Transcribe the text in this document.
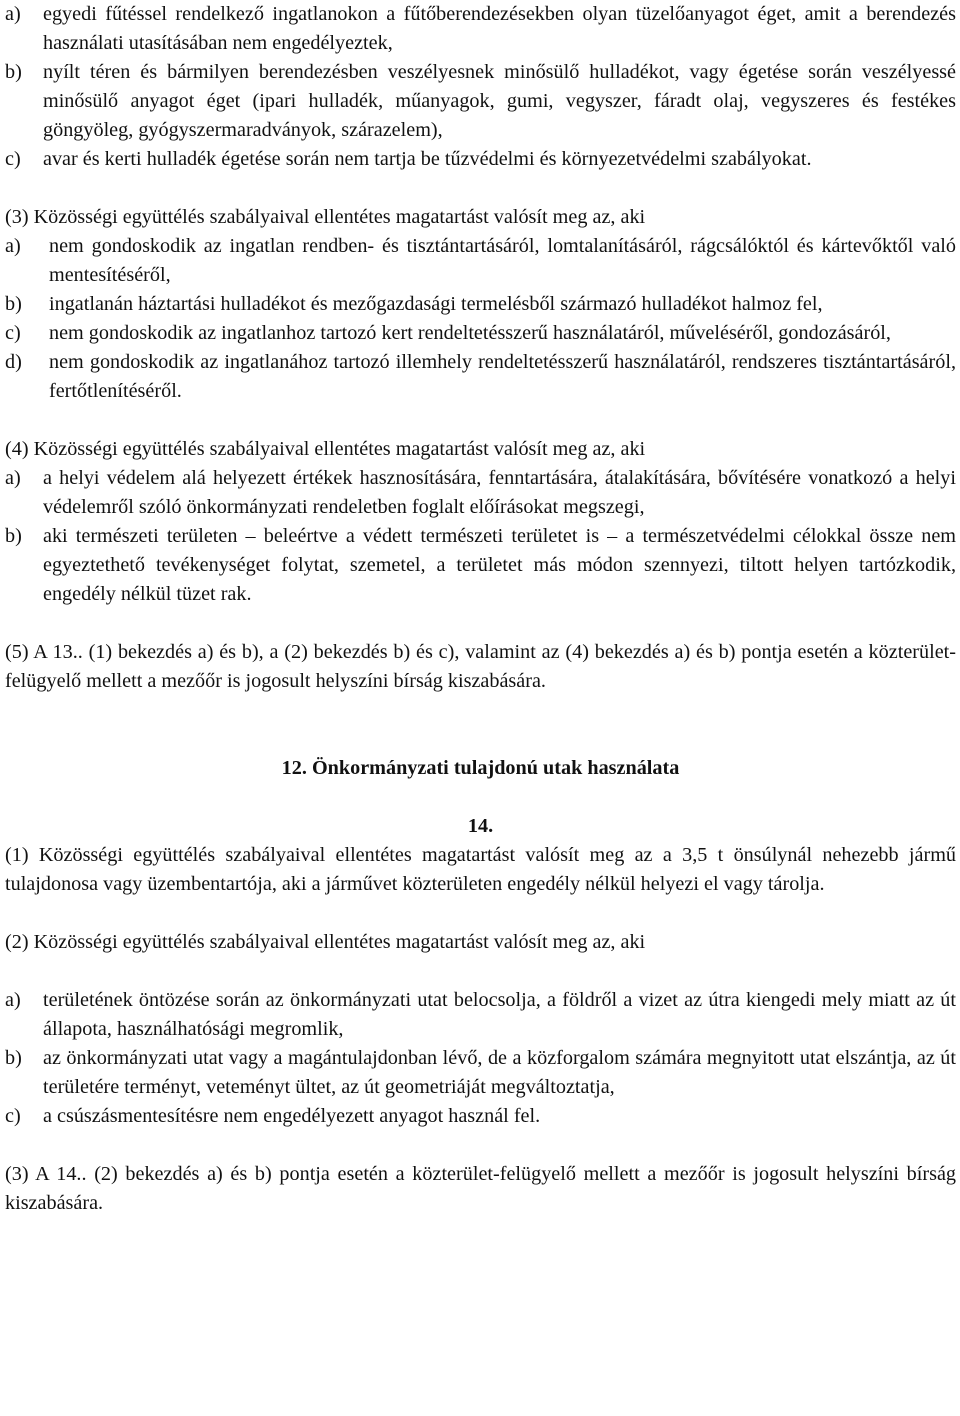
a)	egyedi fűtéssel rendelkező ingatlanokon a fűtőberendezésekben olyan tüzelőanyagot éget, amit a berendezés használati utasításában nem engedélyeztek,
b)	nyílt téren és bármilyen berendezésben veszélyesnek minősülő hulladékot, vagy égetése során veszélyessé minősülő anyagot éget (ipari hulladék, műanyagok, gumi, vegyszer, fáradt olaj, vegyszeres és festékes göngyöleg, gyógyszermaradványok, szárazelem),
c)	avar és kerti hulladék égetése során nem tartja be tűzvédelmi és környezetvédelmi szabályokat.

(3) Közösségi együttélés szabályaival ellentétes magatartást valósít meg az, aki

a)	nem gondoskodik az ingatlan rendben- és tisztántartásáról, lomtalanításáról, rágcsálóktól és kártevőktől való mentesítéséről,
b)	ingatlanán háztartási hulladékot és mezőgazdasági termelésből származó hulladékot halmoz fel,
c)	nem gondoskodik az ingatlanhoz tartozó kert rendeltetésszerű használatáról, műveléséről, gondozásáról,
d)	nem gondoskodik az ingatlanához tartozó illemhely rendeltetésszerű használatáról, rendszeres tisztántartásáról, fertőtlenítéséről.

(4) Közösségi együttélés szabályaival ellentétes magatartást valósít meg az, aki

a)	a helyi védelem alá helyezett értékek hasznosítására, fenntartására, átalakítására, bővítésére vonatkozó a helyi védelemről szóló önkormányzati rendeletben foglalt előírásokat megszegi,
b)	aki természeti területen – beleértve a védett természeti területet is – a természetvédelmi célokkal össze nem egyeztethető tevékenységet folytat, szemetel, a területet más módon szennyezi, tiltott helyen tartózkodik, engedély nélkül tüzet rak.

(5) A 13.. (1) bekezdés a) és b), a (2) bekezdés b) és c), valamint az (4) bekezdés a) és b) pontja esetén a közterület-felügyelő mellett a mezőőr is jogosult helyszíni bírság kiszabására.

12. Önkormányzati tulajdonú utak használata
14.

(1) Közösségi együttélés szabályaival ellentétes magatartást valósít meg az a 3,5 t önsúlynál nehezebb jármű tulajdonosa vagy üzembentartója, aki a járművet közterületen engedély nélkül helyezi el vagy tárolja.

(2) Közösségi együttélés szabályaival ellentétes magatartást valósít meg az, aki

a)	területének öntözése során az önkormányzati utat belocsolja, a földről a vizet az útra kiengedi mely miatt az út állapota, használhatósági megromlik,
b)	az önkormányzati utat vagy a magántulajdonban lévő, de a közforgalom számára megnyitott utat elszántja, az út területére terményt, veteményt ültet, az út geometriáját megváltoztatja,
c)	a csúszásmentesítésre nem engedélyezett anyagot használ fel.

(3) A 14.. (2) bekezdés a) és b) pontja esetén a közterület-felügyelő mellett a mezőőr is jogosult helyszíni bírság kiszabására.
